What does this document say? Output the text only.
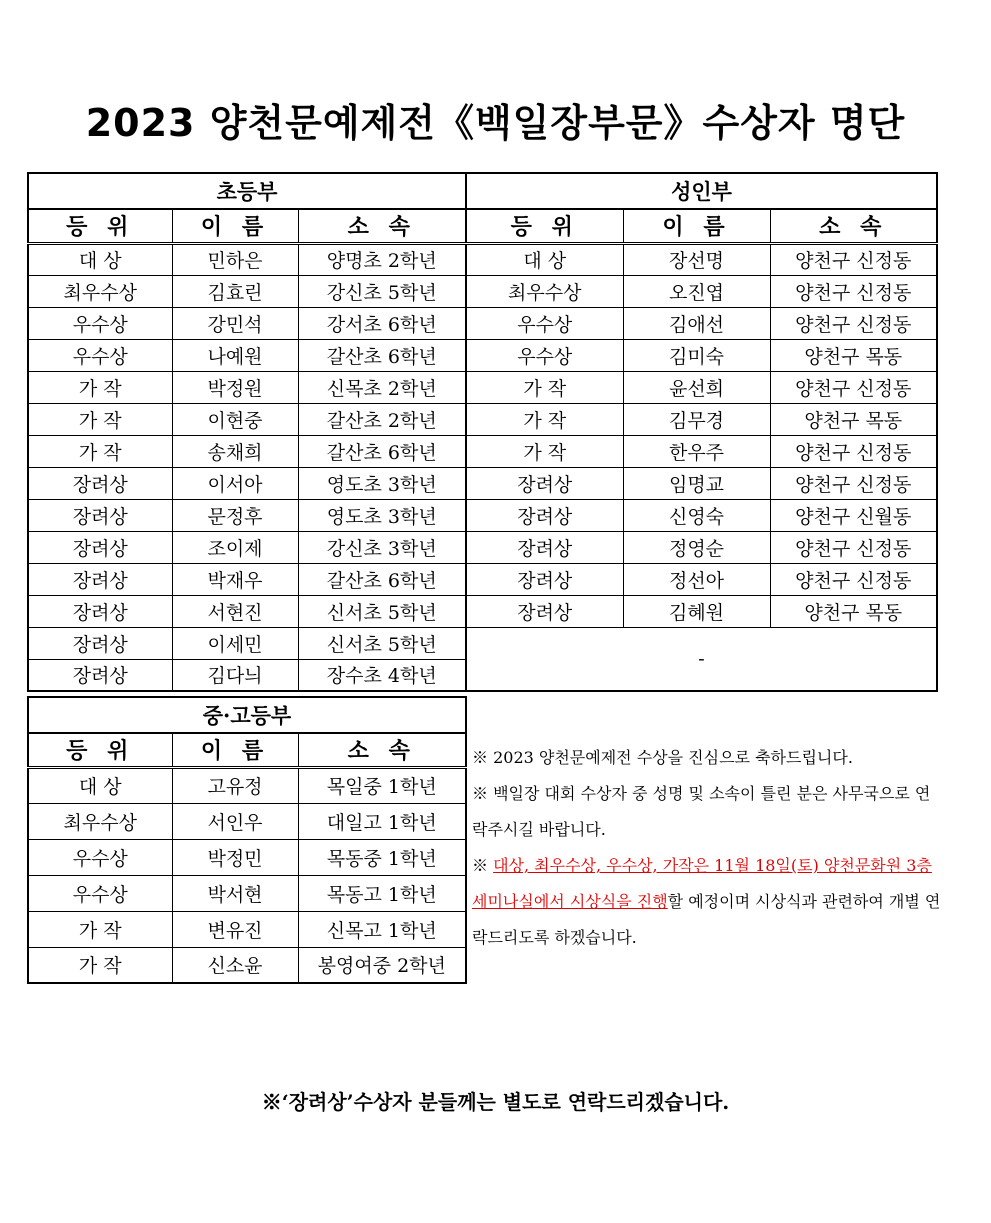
2023 양천문예제전《백일장부문》수상자 명단
초등부		
등 위	이 름	소 속
대 상	민하은	양명초 2학년
최우수상	김효린	강신초 5학년
우수상	강민석	강서초 6학년
우수상	나예원	갈산초 6학년
가 작	박정원	신목초 2학년
가 작	이현중	갈산초 2학년
가 작	송채희	갈산초 6학년
장려상	이서아	영도초 3학년
장려상	문정후	영도초 3학년
장려상	조이제	강신초 3학년
장려상	박재우	갈산초 6학년
장려상	서현진	신서초 5학년
장려상	이세민	신서초 5학년
장려상	김다늬	장수초 4학년
성인부		
등 위	이 름	소 속
대 상	장선명	양천구 신정동
최우수상	오진엽	양천구 신정동
우수상	김애선	양천구 신정동
우수상	김미숙	양천구 목동
가 작	윤선희	양천구 신정동
가 작	김무경	양천구 목동
가 작	한우주	양천구 신정동
장려상	임명교	양천구 신정동
장려상	신영숙	양천구 신월동
장려상	정영순	양천구 신정동
장려상	정선아	양천구 신정동
장려상	김혜원	양천구 목동
-		
중·고등부		
등 위	이 름	소 속
대 상	고유정	목일중 1학년
최우수상	서인우	대일고 1학년
우수상	박정민	목동중 1학년
우수상	박서현	목동고 1학년
가 작	변유진	신목고 1학년
가 작	신소윤	봉영여중 2학년

※ 2023 양천문예제전 수상을 진심으로 축하드립니다.

※ 백일장 대회 수상자 중 성명 및 소속이 틀린 분은 사무국으로 연락주시길 바랍니다.

※ 대상, 최우수상, 우수상, 가작은 11월 18일(토) 양천문화원 3층 세미나실에서 시상식을 진행할 예정이며 시상식과 관련하여 개별 연락드리도록 하겠습니다.

※‘장려상’수상자 분들께는 별도로 연락드리겠습니다.
